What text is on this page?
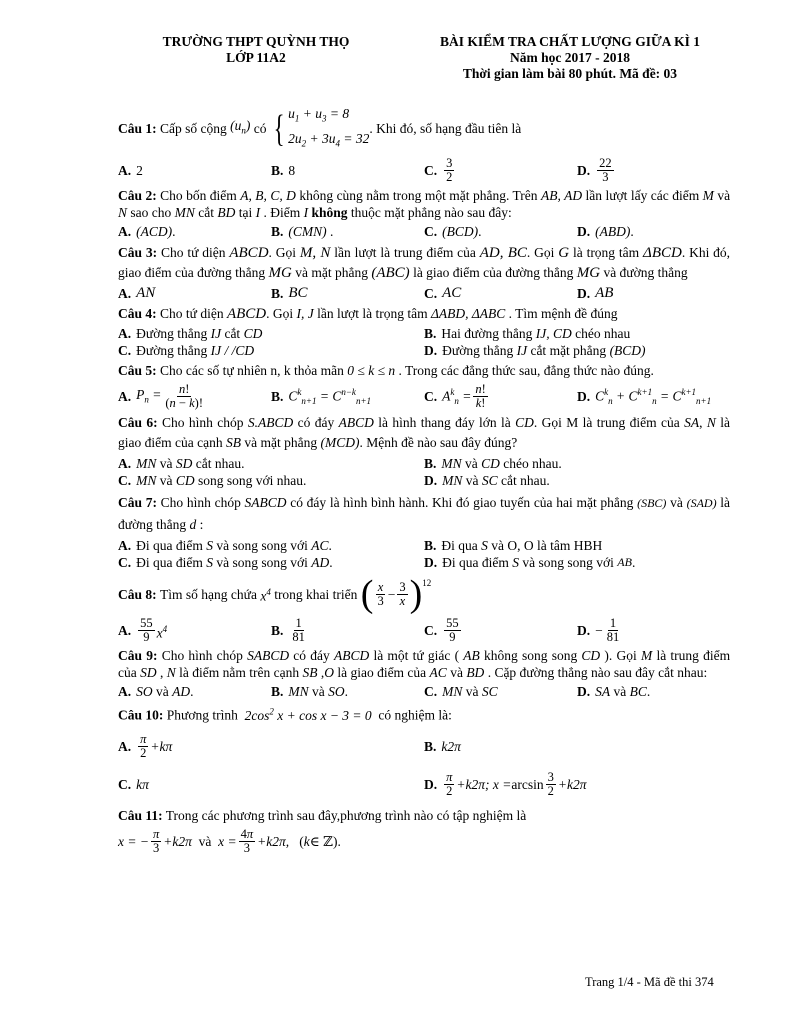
TRƯỜNG THPT QUỲNH THỌ
LỚP 11A2
BÀI KIỂM TRA CHẤT LƯỢNG GIỮA KÌ 1
Năm học 2017 - 2018
Thời gian làm bài 80 phút. Mã đề: 03
Câu 1:
Cấp số cộng
$(u_n)$
có
{ $u_1 + u_3 = 8$
$2u_2 + 3u_4 = 32$
. Khi đó, số hạng đầu tiên là
A. 2	B. 8	C. $\frac{3}{2}$	D. $\frac{22}{3}$
Câu 2: Cho bốn điểm A, B, C, D không cùng nằm trong một mặt phẳng. Trên AB, AD lần lượt lấy các điểm M và N sao cho MN cắt BD tại I . Điểm I không thuộc mặt phẳng nào sau đây:
A. (ACD) .	B. (CMN) .	C. (BCD) .	D. (ABD) .
Câu 3: Cho tứ diện ABCD. Gọi M, N lần lượt là trung điểm của AD, BC. Gọi G là trọng tâm ΔBCD. Khi đó, giao điểm của đường thẳng MG và mặt phẳng (ABC) là giao điểm của đường thẳng MG và đường thẳng
A. AN	B. BC	C. AC	D. AB
Câu 4: Cho tứ diện ABCD. Gọi I, J lần lượt là trọng tâm ΔABD, ΔABC . Tìm mệnh đề đúng
A. Đường thẳng
IJ
cắt
CD	B. Hai đường thẳng
IJ, CD
chéo nhau
C. Đường thẳng
IJ / /CD	D. Đường thẳng
IJ
cắt mặt phẳng
(BCD)
Câu 5: Cho các số tự nhiên n, k thỏa mãn 0 ≤ k ≤ n . Trong các đẳng thức sau, đẳng thức nào đúng.
A. $P_n = \frac{n!}{(n - k)!}$	B. $C^k_{n+1} = C^{n-k}_{n+1}$	C. $A^k_n = \frac{n!}{k!}$	D. $C^k_n + C^{k+1}_n = C^{k+1}_{n+1}$
Câu 6: Cho hình chóp S.ABCD có đáy ABCD là hình thang đáy lớn là CD. Gọi M là trung điểm của SA, N là giao điểm của cạnh SB và mặt phẳng (MCD). Mệnh đề nào sau đây đúng?
A. MN
và
SD
cắt nhau.	B. MN
và
CD
chéo nhau.
C. MN
và
CD
song song với nhau.	D. MN
và
SC
cắt nhau.
Câu 7: Cho hình chóp SABCD có đáy là hình bình hành. Khi đó giao tuyến của hai mặt phẳng (SBC) và (SAD) là đường thẳng d :
A. Đi qua điểm
S
và song song với
AC .	B. Đi qua
S
và O, O là tâm HBH
C. Đi qua điểm
S
và song song với
AD .	D. Đi qua điểm
S
và song song với
AB .
Câu 8:
Tìm số hạng chứa
$x^4$
trong khai triển
( $\frac{x}{3} - \frac{3}{x} )^{12}$
A. $\frac{55}{9} x^4$	B. $\frac{1}{81}$	C. $\frac{55}{9}$	D. − $\frac{1}{81}$
Câu 9: Cho hình chóp SABCD có đáy ABCD là một tứ giác ( AB không song song CD ). Gọi M là trung điểm của SD , N là điểm nằm trên cạnh SB ,O là giao điểm của AC và BD . Cặp đường thẳng nào sau đây cắt nhau:
A. SO
và
AD .	B. MN
và
SO .	C. MN
và
SC	D. SA
và
BC .
Câu 10: Phương trình $2\cos^2$ x + cos x − 3 = 0 có nghiệm là:
A. $\frac{\pi}{2} +k\pi$	B. k2π
C. kπ	D. $\frac{\pi}{2} +k2\pi$; $x = \arcsin \frac{3}{2} +k2\pi$
Câu 11: Trong các phương trình sau đây,phương trình nào có tập nghiệm là
x = − $\frac{\pi}{3} +k2\pi$
và
$x = \frac{4\pi}{3} +k2\pi$, ( k ∈ ℤ).
Trang 1/4 - Mã đề thi 374
